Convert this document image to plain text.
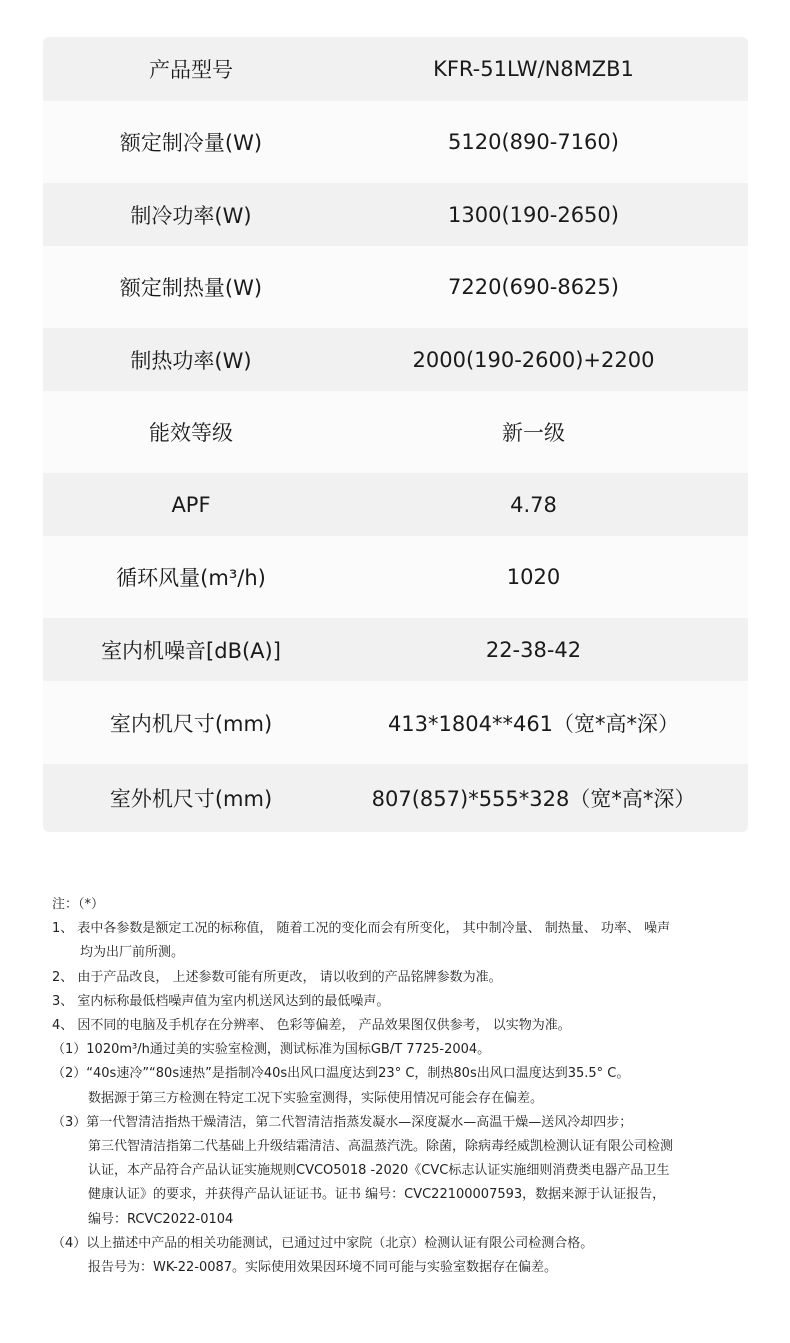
产品型号	KFR-51LW/N8MZB1
额定制冷量(W)	5120(890-7160)
制冷功率(W)	1300(190-2650)
额定制热量(W)	7220(690-8625)
制热功率(W)	2000(190-2600)+2200
能效等级	新一级
APF	4.78
循环风量(m³/h)	1020
室内机噪音[dB(A)]	22-38-42
室内机尺寸(mm)	413*1804**461（宽*高*深）
室外机尺寸(mm)	807(857)*555*328（宽*高*深）

注：（*）

1、 表中各参数是额定工况的标称值， 随着工况的变化而会有所变化， 其中制冷量、 制热量、 功率、 噪声

均为出厂前所测。

2、 由于产品改良， 上述参数可能有所更改， 请以收到的产品铭牌参数为准。

3、 室内标称最低档噪声值为室内机送风达到的最低噪声。

4、 因不同的电脑及手机存在分辨率、 色彩等偏差， 产品效果图仅供参考， 以实物为准。

（1）1020m³/h通过美的实验室检测，测试标准为国标GB/T 7725-2004。

（2）“40s速冷”“80s速热”是指制冷40s出风口温度达到23° C，制热80s出风口温度达到35.5° C。

数据源于第三方检测在特定工况下实验室测得，实际使用情况可能会存在偏差。

（3）第一代智清洁指热干燥清洁，第二代智清洁指蒸发凝水—深度凝水—高温干燥—送风冷却四步；

第三代智清洁指第二代基础上升级结霜清洁、高温蒸汽洗。除菌，除病毒经威凯检测认证有限公司检测

认证，本产品符合产品认证实施规则CVCO5018 -2020《CVC标志认证实施细则消费类电器产品卫生

健康认证》的要求，并获得产品认证证书。证书 编号：CVC22100007593，数据来源于认证报告，

编号：RCVC2022-0104

（4）以上描述中产品的相关功能测试，已通过过中家院（北京）检测认证有限公司检测合格。

报告号为：WK-22-0087。实际使用效果因环境不同可能与实验室数据存在偏差。
